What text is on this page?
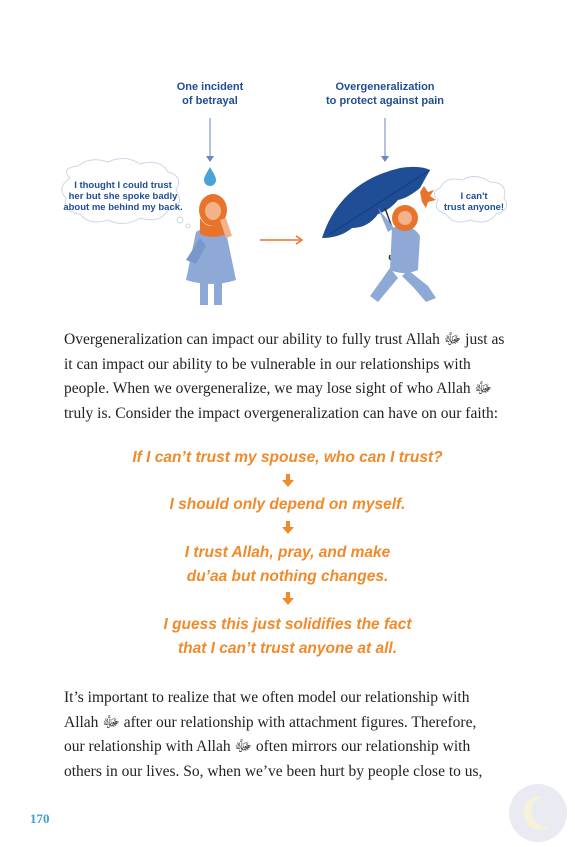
One incident
of betrayal
Overgeneralization
to protect against pain
I thought I could trust
her but she spoke badly
about me behind my back.
I can't
trust anyone!
Overgeneralization can impact our ability to fully trust Allah ﷻ just as
it can impact our ability to be vulnerable in our relationships with
people. When we overgeneralize, we may lose sight of who Allah ﷻ
truly is. Consider the impact overgeneralization can have on our faith:
If I can’t trust my spouse, who can I trust?
I should only depend on myself.
I trust Allah, pray, and make
du’aa but nothing changes.
I guess this just solidifies the fact
that I can’t trust anyone at all.
It’s important to realize that we often model our relationship with
Allah ﷻ after our relationship with attachment figures. Therefore,
our relationship with Allah ﷻ often mirrors our relationship with
others in our lives. So, when we’ve been hurt by people close to us,
170
